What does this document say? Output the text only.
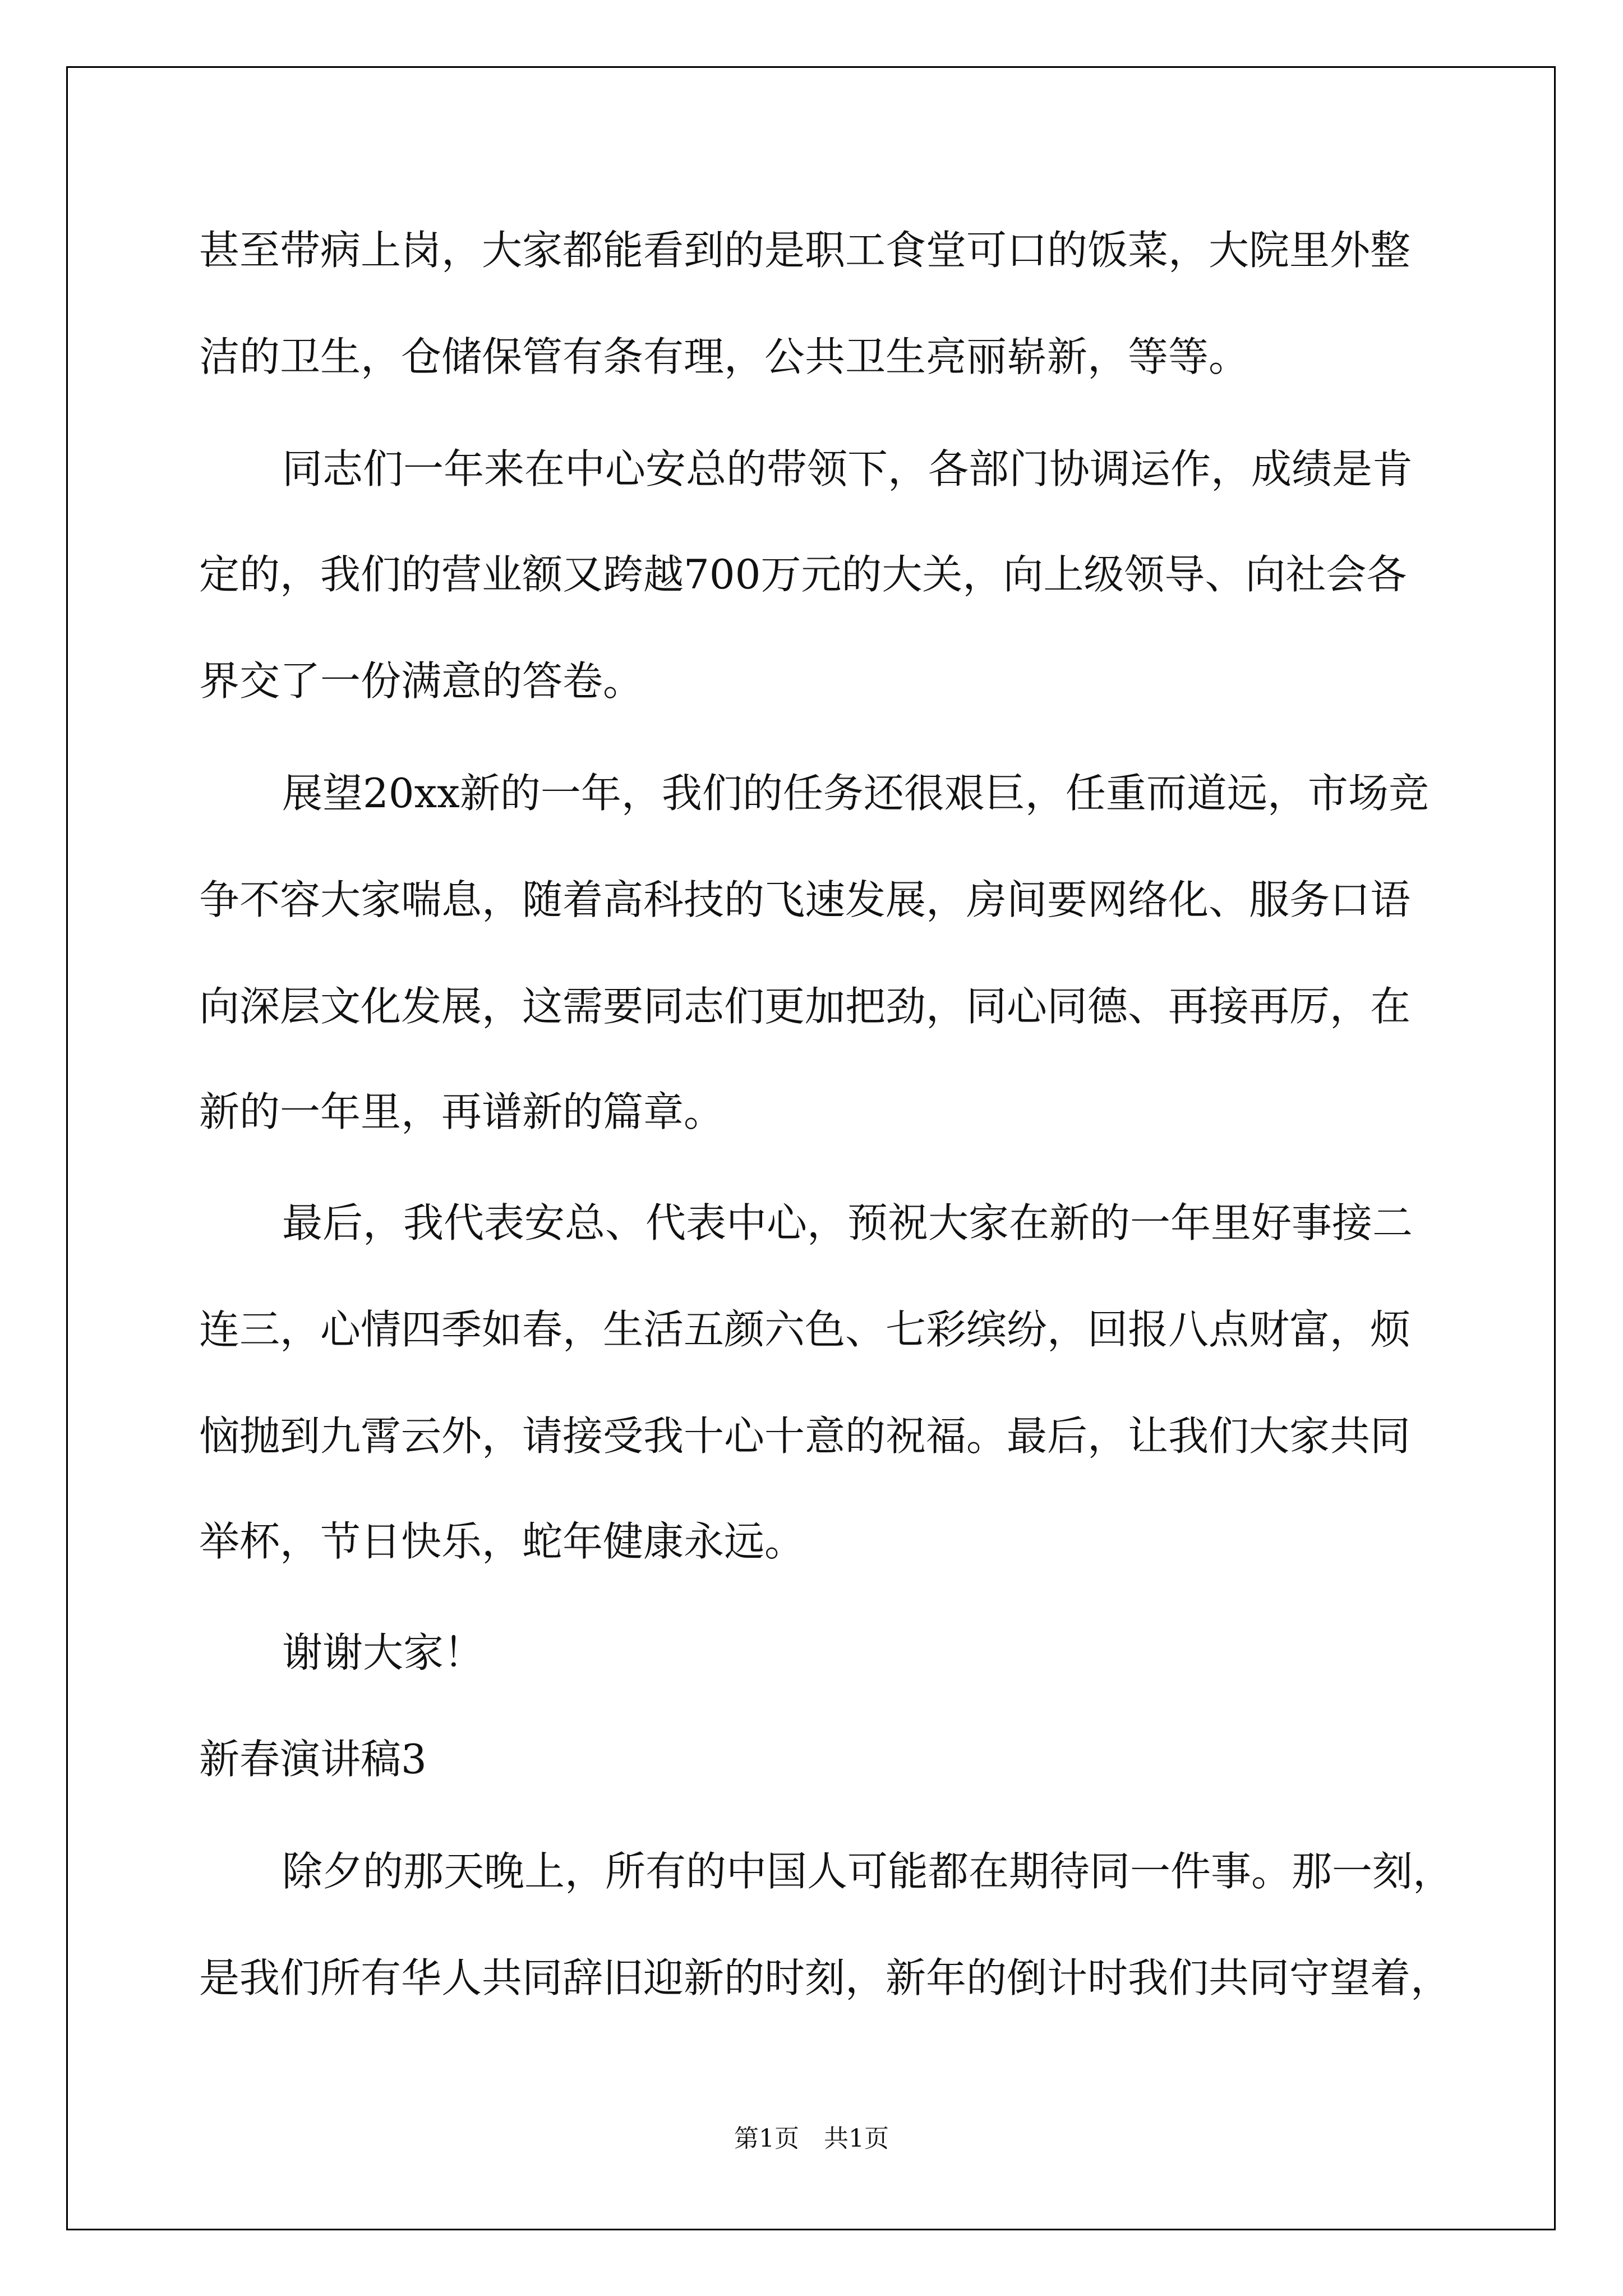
甚至带病上岗，大家都能看到的是职工食堂可口的饭菜，大院里外整
洁的卫生，仓储保管有条有理，公共卫生亮丽崭新，等等。
同志们一年来在中心安总的带领下，各部门协调运作，成绩是肯
定的，我们的营业额又跨越700万元的大关，向上级领导、向社会各
界交了一份满意的答卷。
展望20xx新的一年，我们的任务还很艰巨，任重而道远，市场竞
争不容大家喘息，随着高科技的飞速发展，房间要网络化、服务口语
向深层文化发展，这需要同志们更加把劲，同心同德、再接再厉，在
新的一年里，再谱新的篇章。
最后，我代表安总、代表中心，预祝大家在新的一年里好事接二
连三，心情四季如春，生活五颜六色、七彩缤纷，回报八点财富，烦
恼抛到九霄云外，请接受我十心十意的祝福。最后，让我们大家共同
举杯，节日快乐，蛇年健康永远。
谢谢大家！
新春演讲稿3
除夕的那天晚上，所有的中国人可能都在期待同一件事。那一刻，
是我们所有华人共同辞旧迎新的时刻，新年的倒计时我们共同守望着，
第1页　共1页
